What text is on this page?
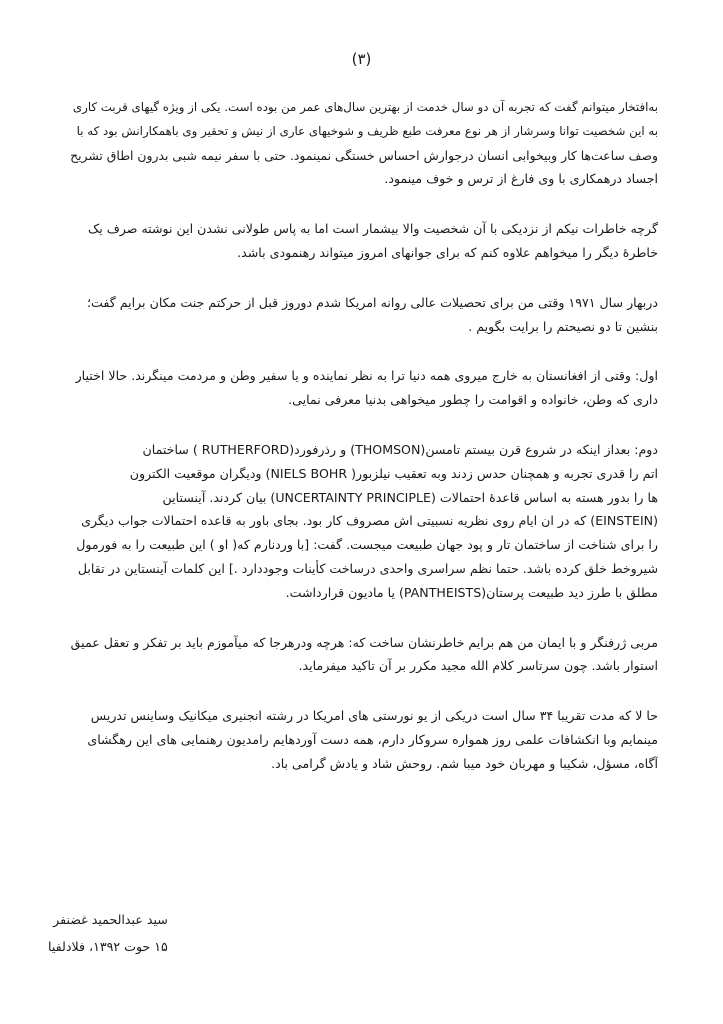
(۳)
به‌افتخار میتوانم گفت که تجربه آن دو سال خدمت از بهترین سال‌های عمر من بوده است. یکی از ویژه گیهای قربت کاری
به این شخصیت توانا وسرشار از هر نوع معرفت طبع ظریف و شوخیهای عاری از نیش و تحقیر وی باهمکارانش بود که با
وصف ساعت‌ها کار وبیخوابی انسان درجوارش احساس خستگی نمینمود. حتی با سفر نیمه شبی بدرون اطاق تشریح
اجساد درهمکاری با وی فارغ از ترس و خوف مینمود.
گرچه خاطرات نیکم از نزدیکی با آن شخصیت والا بیشمار است اما به پاس طولانی نشدن این نوشته صرف یک
خاطرهٔ دیگر را میخواهم علاوه کنم که برای جوانهای امروز میتواند رهنمودی باشد.
دربهار سال ۱۹۷۱ وقتی من برای تحصیلات عالی روانه امریکا شدم دوروز قبل از حرکتم جنت مکان برایم گفت؛
بنشین تا دو نصیحتم را برایت بگویم .
اول: وقتی از افغانستان به خارج میروی همه دنیا ترا به نظر نماینده و یا سفیر وطن و مردمت مینگرند. حالا اختیار
داری که وطن، خانواده و اقوامت را چطور میخواهی بدنیا معرفی نمایی.
دوم: بعداز اینکه در شروع قرن بیستم تامسن(THOMSON) و رذرفورد(RUTHERFORD ) ساختمان
اتم را قدری تجربه و همچنان حدس زدند وبه تعقیب نیلزبور( NIELS BOHR) ودیگران موقعیت الکترون
ها را بدور هسته به اساس قاعدهٔ احتمالات (UNCERTAINTY PRINCIPLE) بیان کردند. آینستاین
(EINSTEIN) که در ان ایام روی نظریه نسبیتی اش مصروف کار بود. بجای باور به قاعده احتمالات جواب دیگری
را برای شناخت از ساختمان تار و پود جهان طبیعت میجست. گفت: [با وردنارم که( او ) این طبیعت را به فورمول
شیروخط خلق کرده باشد. حتما نظم سراسری واحدی درساخت کأینات وجوددارد .] این کلمات آینستاین در تقابل
مطلق با طرز دید طبیعت پرستان(PANTHEISTS) یا مادیون قرارداشت.
مربی ژرفنگر و با ایمان من هم برایم خاطرنشان ساخت که: هرچه ودرهرجا که میآموزم باید بر تفکر و تعقل عمیق
استوار باشد. چون سرتاسر کلام الله مجید مکرر بر آن تاکید میفرماید.
حا لا که مدت تقریبا ۳۴ سال است دریکی از یو نورستی های امریکا در رشته انجنیری میکانیک وساینس تدریس
مینمایم وبا انکشافات علمی روز همواره سروکار دارم، همه دست آوردهایم رامدیون رهنمایی های این رهگشای
آگاه، مسؤل، شکیبا و مهربان خود میبا شم. روحش شاد و یادش گرامی باد.
سید عبدالحمید غضنفر
۱۵ حوت ۱۳۹۲، فلادلفیا
